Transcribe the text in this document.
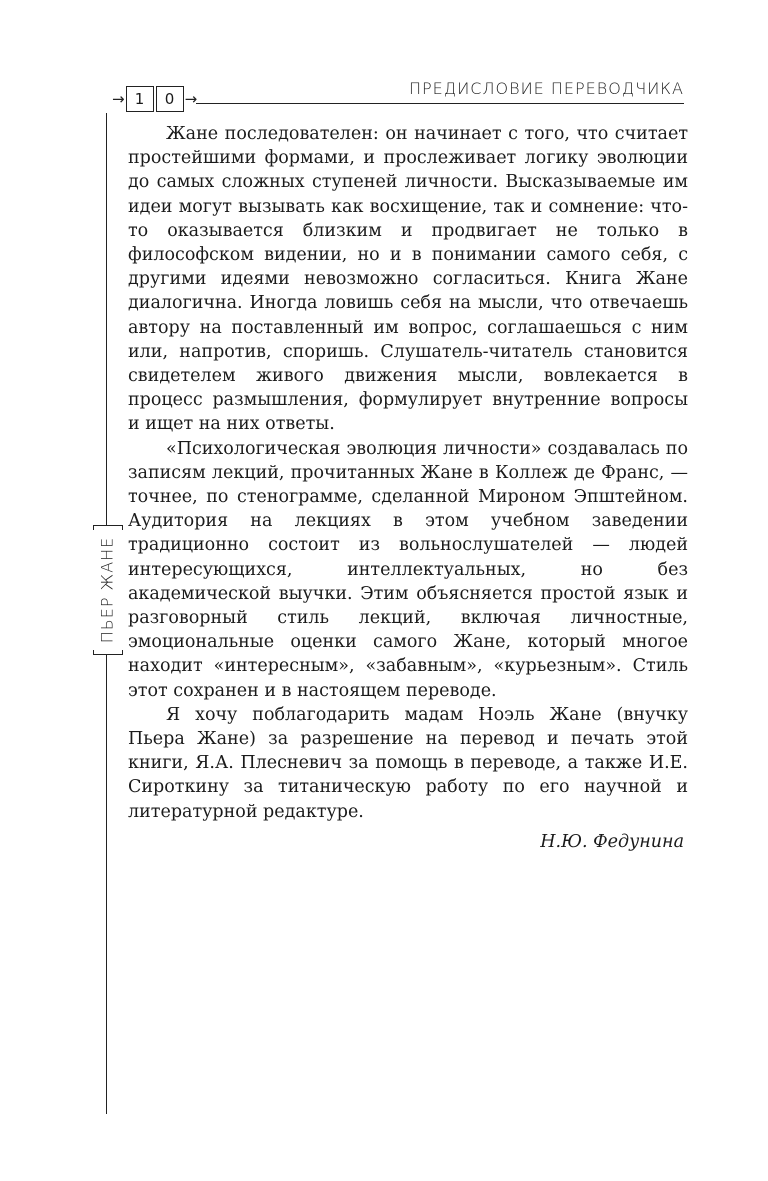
ПРЕДИСЛОВИЕ ПЕРЕВОДЧИКА
→ 1	0 →
ПЬЕР ЖАНЕ

Жане последователен: он начинает с того, что считает простейшими формами, и прослеживает логику эволюции до самых сложных ступеней личности. Высказываемые им идеи могут вызывать как восхищение, так и сомнение: что-то оказывается близким и продвигает не только в философском видении, но и в понимании самого себя, с другими идеями невозможно согласиться. Книга Жане диалогична. Иногда ловишь себя на мысли, что отвечаешь автору на поставленный им вопрос, соглашаешься с ним или, напротив, споришь. Слушатель-читатель становится свидетелем живого движения мысли, вовлекается в процесс размышления, формулирует внутренние вопросы и ищет на них ответы.

«Психологическая эволюция личности» создавалась по записям лекций, прочитанных Жане в Коллеж де Франс, — точнее, по стенограмме, сделанной Мироном Эпштейном. Аудитория на лекциях в этом учебном заведении традиционно состоит из вольнослушателей — людей интересующихся, интеллектуальных, но без академической выучки. Этим объясняется простой язык и разговорный стиль лекций, включая личностные, эмоциональные оценки самого Жане, который многое находит «интересным», «забавным», «курьезным». Стиль этот сохранен и в настоящем переводе.

Я хочу поблагодарить мадам Ноэль Жане (внучку Пьера Жане) за разрешение на перевод и печать этой книги, Я.А. Плесневич за помощь в переводе, а также И.Е. Сироткину за титаническую работу по его научной и литературной редактуре.

Н.Ю. Федунина
